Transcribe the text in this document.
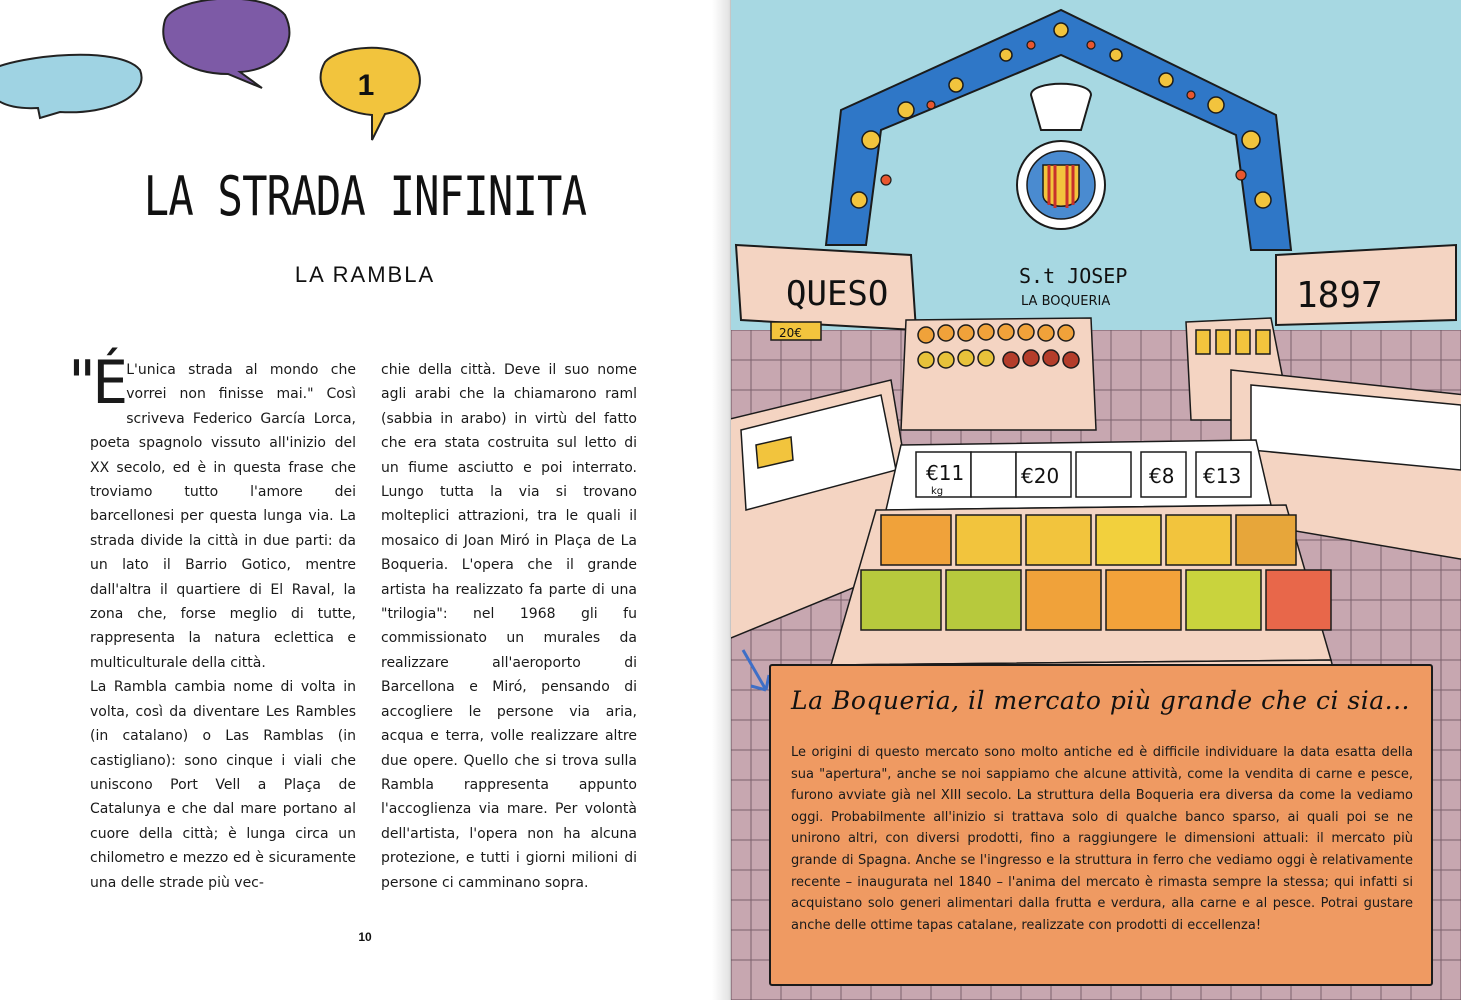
1
LA STRADA INFINITA
LA RAMBLA
"É L'unica strada al mondo che vorrei non finisse mai." Così scriveva Federico García Lorca, poeta spagnolo vissuto all'inizio del XX secolo, ed è in questa frase che troviamo tutto l'amore dei barcellonesi per questa lunga via. La strada divide la città in due parti: da un lato il Barrio Gotico, mentre dall'altra il quartiere di El Raval, la zona che, forse meglio di tutte, rappresenta la natura eclettica e multiculturale della città.

La Rambla cambia nome di volta in volta, così da diventare Les Rambles (in catalano) o Las Ramblas (in castigliano): sono cinque i viali che uniscono Port Vell a Plaça de Catalunya e che dal mare portano al cuore della città; è lunga circa un chilometro e mezzo ed è sicuramente una delle strade più vec-

chie della città. Deve il suo nome agli arabi che la chiamarono raml (sabbia in arabo) in virtù del fatto che era stata costruita sul letto di un fiume asciutto e poi interrato. Lungo tutta la via si trovano molteplici attrazioni, tra le quali il mosaico di Joan Miró in Plaça de La Boqueria. L'opera che il grande artista ha realizzato fa parte di una "trilogia": nel 1968 gli fu commissionato un murales da realizzare all'aeroporto di Barcellona e Miró, pensando di accogliere le persone via aria, acqua e terra, volle realizzare altre due opere. Quello che si trova sulla Rambla rappresenta appunto l'accoglienza via mare. Per volontà dell'artista, l'opera non ha alcuna protezione, e tutti i giorni milioni di persone ci camminano sopra.

10
QUESO
20€
1897
S.t JOSEP
LA BOQUERIA
€11
kg
€20	€8 €13
La Boqueria, il mercato più grande che ci sia...
Le origini di questo mercato sono molto antiche ed è difficile individuare la data esatta della sua "apertura", anche se noi sappiamo che alcune attività, come la vendita di carne e pesce, furono avviate già nel XIII secolo. La struttura della Boqueria era diversa da come la vediamo oggi. Probabilmente all'inizio si trattava solo di qualche banco sparso, ai quali poi se ne unirono altri, con diversi prodotti, fino a raggiungere le dimensioni attuali: il mercato più grande di Spagna. Anche se l'ingresso e la struttura in ferro che vediamo oggi è relativamente recente – inaugurata nel 1840 – l'anima del mercato è rimasta sempre la stessa; qui infatti si acquistano solo generi alimentari dalla frutta e verdura, alla carne e al pesce. Potrai gustare anche delle ottime tapas catalane, realizzate con prodotti di eccellenza!
